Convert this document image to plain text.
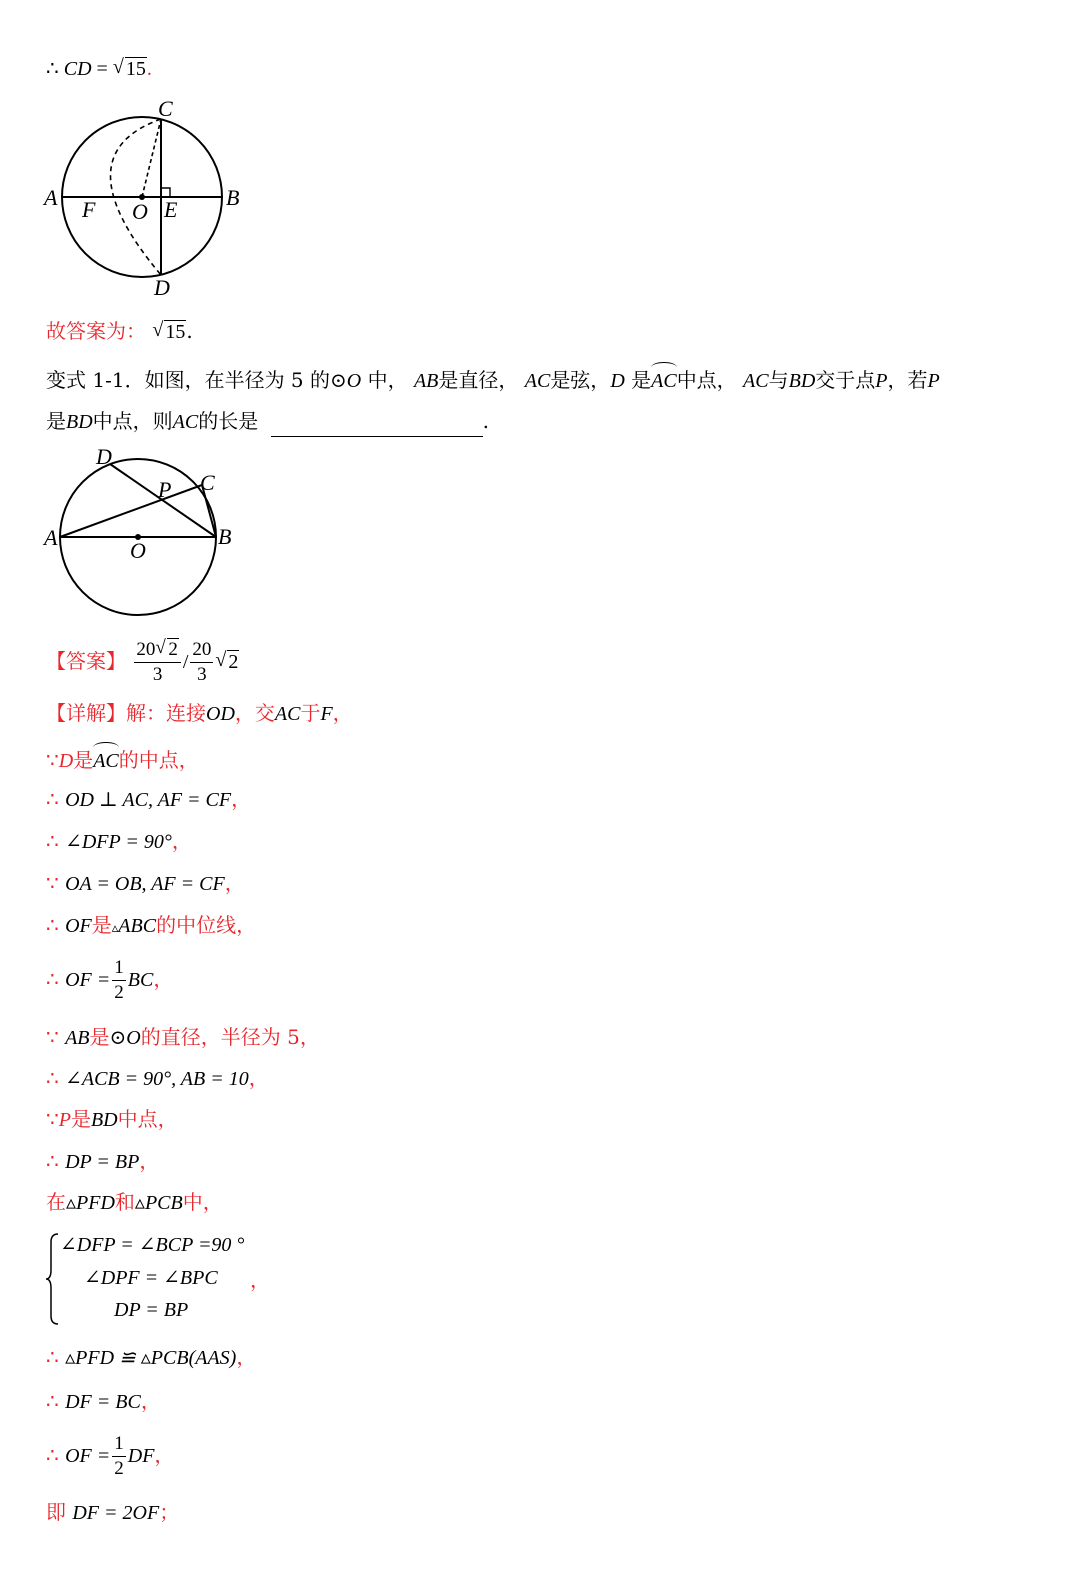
∴ CD = √ 15.
C
A	B
F O E
D
故答案为： √ 15.
变式 1-1．如图，在半径为 5 的⊙O 中， AB是直径， AC是弦，D 是AC中点， AC与BD交于点P，若P
是BD中点，则AC的长是	.
D
P C
A	B
O
【答案】 $\frac{20 √ 2}{3} / \frac{20}{3}$ √ 2
【详解】解：连接OD，交AC于F，
∵D是AC的中点，
∴ OD ⊥ AC, AF = CF，
∴ ∠DFP = 90°，
∵ OA = OB, AF = CF，
∴ OF是▵ABC的中位线，
∴ OF = $\frac{1}{2}$ BC，
∵ AB是⊙O的直径，半径为 5，
∴ ∠ACB = 90°, AB = 10，
∵P是BD中点，
∴ DP = BP，
在▵PFD和▵PCB中，
∠DFP = ∠BCP =90 °
∠DPF = ∠BPC ，
DP = BP
∴ ▵PFD ≌ ▵PCB(AAS)，
∴ DF = BC，
∴ OF = $\frac{1}{2}$ DF，
即 DF = 2OF；
